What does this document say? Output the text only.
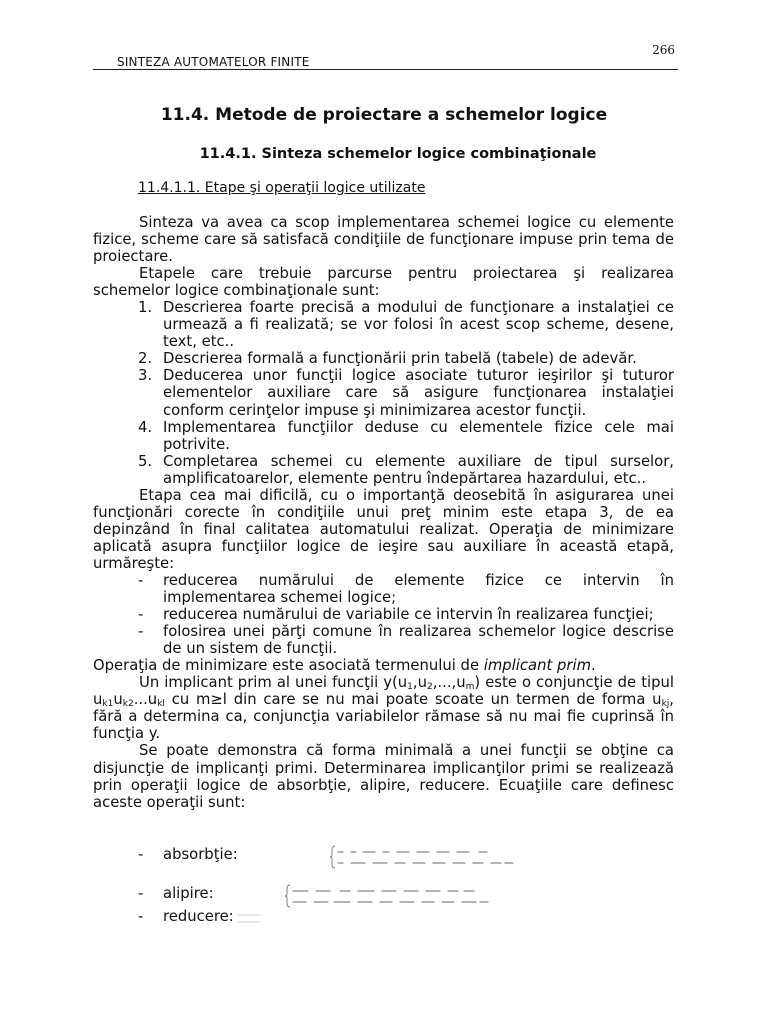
266
SINTEZA AUTOMATELOR FINITE
11.4. Metode de proiectare a schemelor logice
11.4.1. Sinteza schemelor logice combinaţionale
11.4.1.1. Etape şi operaţii logice utilizate

Sinteza va avea ca scop implementarea schemei logice cu elemente fizice, scheme care să satisfacă condiţiile de funcţionare impuse prin tema de proiectare.

Etapele care trebuie parcurse pentru proiectarea şi realizarea schemelor logice combinaţionale sunt:

1. Descrierea foarte precisă a modului de funcţionare a instalaţiei ce urmează a fi realizată; se vor folosi în acest scop scheme, desene, text, etc..
2. Descrierea formală a funcţionării prin tabelă (tabele) de adevăr.
3. Deducerea unor funcţii logice asociate tuturor ieşirilor şi tuturor elementelor auxiliare care să asigure funcţionarea instalaţiei conform cerinţelor impuse şi minimizarea acestor funcţii.
4. Implementarea funcţiilor deduse cu elementele fizice cele mai potrivite.
5. Completarea schemei cu elemente auxiliare de tipul surselor, amplificatoarelor, elemente pentru îndepărtarea hazardului, etc..

Etapa cea mai dificilă, cu o importanţă deosebită în asigurarea unei funcţionări corecte în condiţiile unui preţ minim este etapa 3, de ea depinzând în final calitatea automatului realizat. Operaţia de minimizare aplicată asupra funcţiilor logice de ieşire sau auxiliare în această etapă, urmăreşte:

- reducerea numărului de elemente fizice ce intervin în implementarea schemei logice;
- reducerea numărului de variabile ce intervin în realizarea funcţiei;
- folosirea unei părţi comune în realizarea schemelor logice descrise de un sistem de funcţii.

Operaţia de minimizare este asociată termenului de implicant prim.

Un implicant prim al unei funcţii $y(u_1,u_2,...,u_m)$ este o conjuncţie de tipul $u_{k1}u_{k2}...u_{kl}$ cu m≥l din care se nu mai poate scoate un termen de forma $u_{kj}$, fără a determina ca, conjuncţia variabilelor rămase să nu mai fie cuprinsă în funcţia y.

Se poate demonstra că forma minimală a unei funcţii se obţine ca disjuncţie de implicanţi primi. Determinarea implicanţilor primi se realizează prin operaţii logice de absorbţie, alipire, reducere. Ecuaţiile care definesc aceste operaţii sunt:

- absorbţie:
- alipire:
- reducere:
